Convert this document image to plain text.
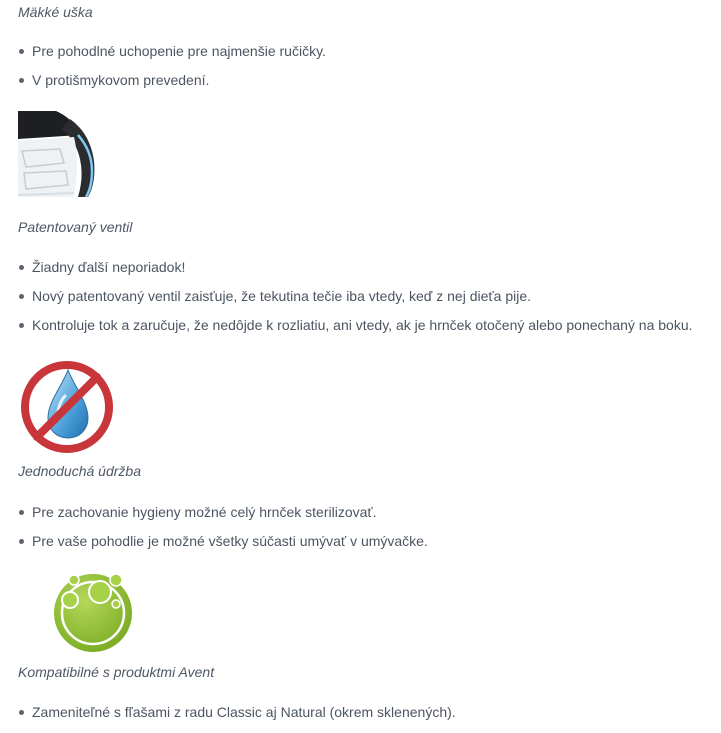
Mäkké uška

Pre pohodlné uchopenie pre najmenšie ručičky.
V protišmykovom prevedení.

Patentovaný ventil

Žiadny ďalší neporiadok!
Nový patentovaný ventil zaisťuje, že tekutina tečie iba vtedy, keď z nej dieťa pije.
Kontroluje tok a zaručuje, že nedôjde k rozliatiu, ani vtedy, ak je hrnček otočený alebo ponechaný na boku.

Jednoduchá údržba

Pre zachovanie hygieny možné celý hrnček sterilizovať.
Pre vaše pohodlie je možné všetky súčasti umývať v umývačke.

Kompatibilné s produktmi Avent

Zameniteľné s fľašami z radu Classic aj Natural (okrem sklenených).
